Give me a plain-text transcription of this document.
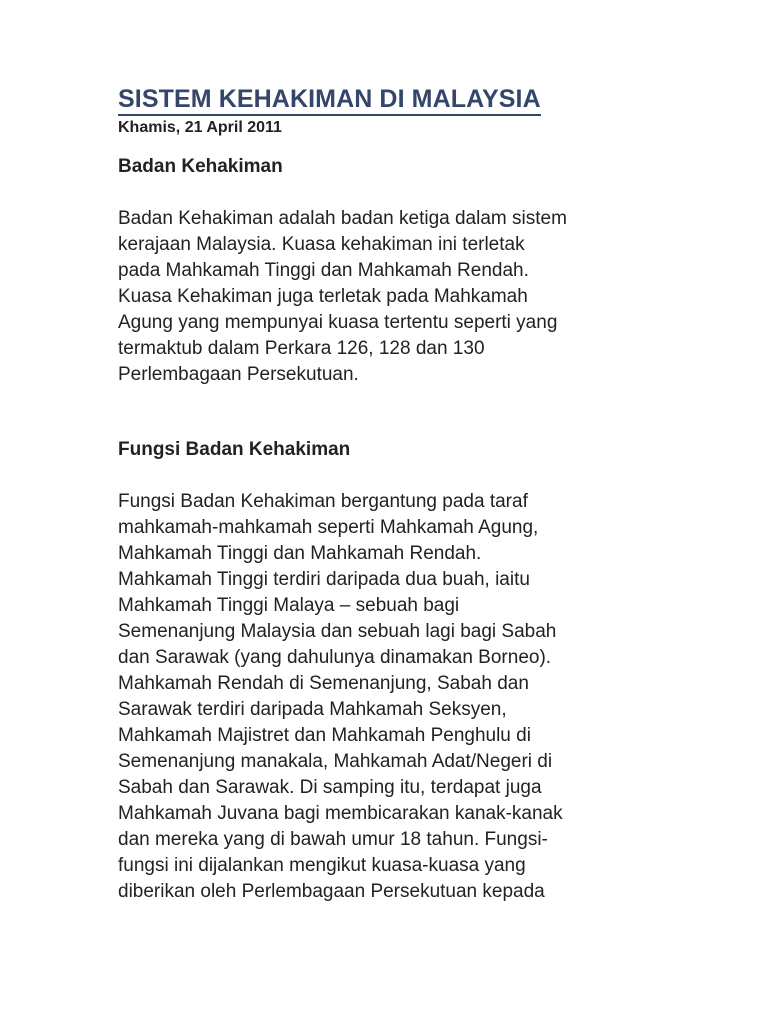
SISTEM KEHAKIMAN DI MALAYSIA
Khamis, 21 April 2011
Badan Kehakiman
Badan Kehakiman adalah badan ketiga dalam sistem
kerajaan Malaysia. Kuasa kehakiman ini terletak
pada Mahkamah Tinggi dan Mahkamah Rendah.
Kuasa Kehakiman juga terletak pada Mahkamah
Agung yang mempunyai kuasa tertentu seperti yang
termaktub dalam Perkara 126, 128 dan 130
Perlembagaan Persekutuan.
Fungsi Badan Kehakiman
Fungsi Badan Kehakiman bergantung pada taraf
mahkamah-mahkamah seperti Mahkamah Agung,
Mahkamah Tinggi dan Mahkamah Rendah.
Mahkamah Tinggi terdiri daripada dua buah, iaitu
Mahkamah Tinggi Malaya – sebuah bagi
Semenanjung Malaysia dan sebuah lagi bagi Sabah
dan Sarawak (yang dahulunya dinamakan Borneo).
Mahkamah Rendah di Semenanjung, Sabah dan
Sarawak terdiri daripada Mahkamah Seksyen,
Mahkamah Majistret dan Mahkamah Penghulu di
Semenanjung manakala, Mahkamah Adat/Negeri di
Sabah dan Sarawak. Di samping itu, terdapat juga
Mahkamah Juvana bagi membicarakan kanak-kanak
dan mereka yang di bawah umur 18 tahun. Fungsi-
fungsi ini dijalankan mengikut kuasa-kuasa yang
diberikan oleh Perlembagaan Persekutuan kepada
